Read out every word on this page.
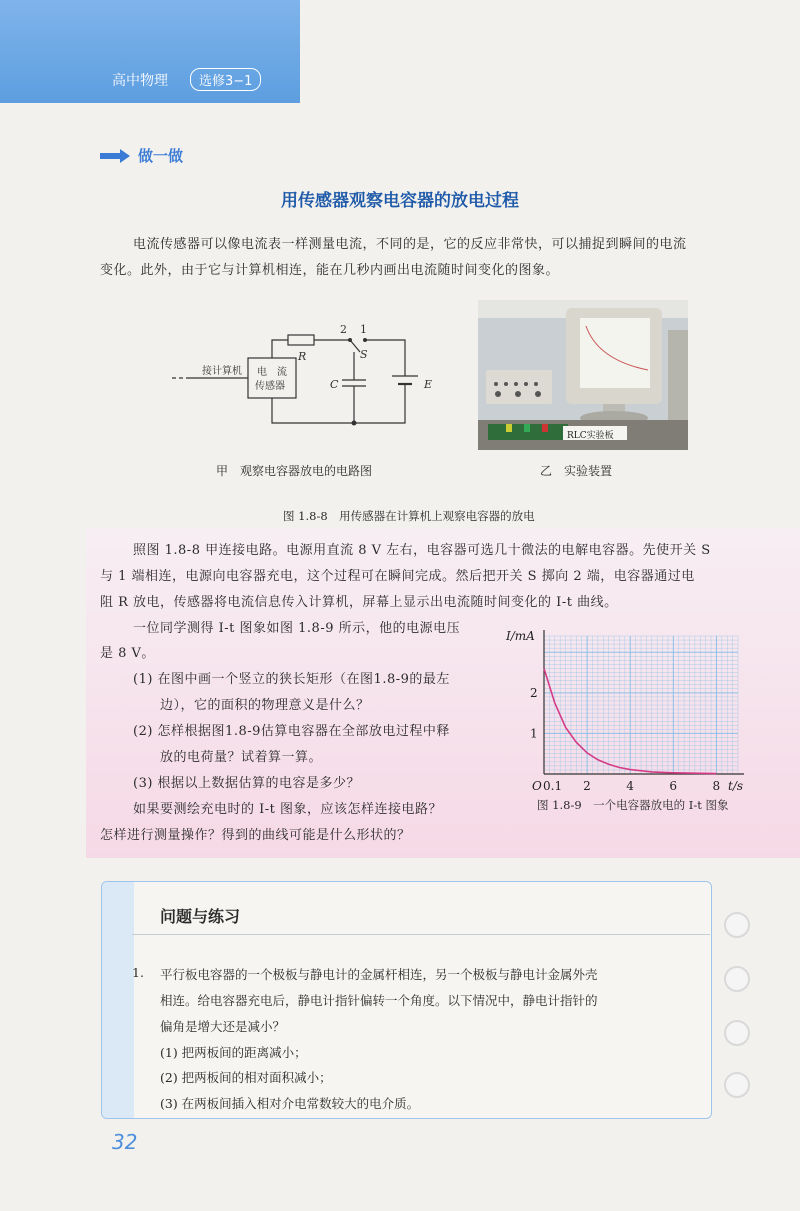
高中物理	选修3−1
做一做
用传感器观察电容器的放电过程
电流传感器可以像电流表一样测量电流，不同的是，它的反应非常快，可以捕捉到瞬间的电流
变化。此外，由于它与计算机相连，能在几秒内画出电流随时间变化的图象。
接计算机 电　流
传感器
R	S
C	E
2 1
RLC实验板
甲　观察电容器放电的电路图	乙　实验装置
图 1.8-8　用传感器在计算机上观察电容器的放电
照图 1.8-8 甲连接电路。电源用直流 8 V 左右，电容器可选几十微法的电解电容器。先使开关 S
与 1 端相连，电源向电容器充电，这个过程可在瞬间完成。然后把开关 S 掷向 2 端，电容器通过电
阻 R 放电，传感器将电流信息传入计算机，屏幕上显示出电流随时间变化的 I-t 曲线。
一位同学测得 I-t 图象如图 1.8-9 所示，他的电源电压
是 8 V。
(1) 在图中画一个竖立的狭长矩形（在图1.8-9的最左
边），它的面积的物理意义是什么？
(2) 怎样根据图1.8-9估算电容器在全部放电过程中释
放的电荷量？试着算一算。
(3) 根据以上数据估算的电容是多少？
如果要测绘充电时的 I-t 图象，应该怎样连接电路？
怎样进行测量操作？得到的曲线可能是什么形状的？
I/mA
t/s
O 0.1 2	4	6	8
1
2
图 1.8-9　一个电容器放电的 I-t 图象
问题与练习
1. 平行板电容器的一个极板与静电计的金属杆相连，另一个极板与静电计金属外壳
相连。给电容器充电后，静电计指针偏转一个角度。以下情况中，静电计指针的
偏角是增大还是减小？
(1) 把两板间的距离减小；
(2) 把两板间的相对面积减小；
(3) 在两板间插入相对介电常数较大的电介质。
32
